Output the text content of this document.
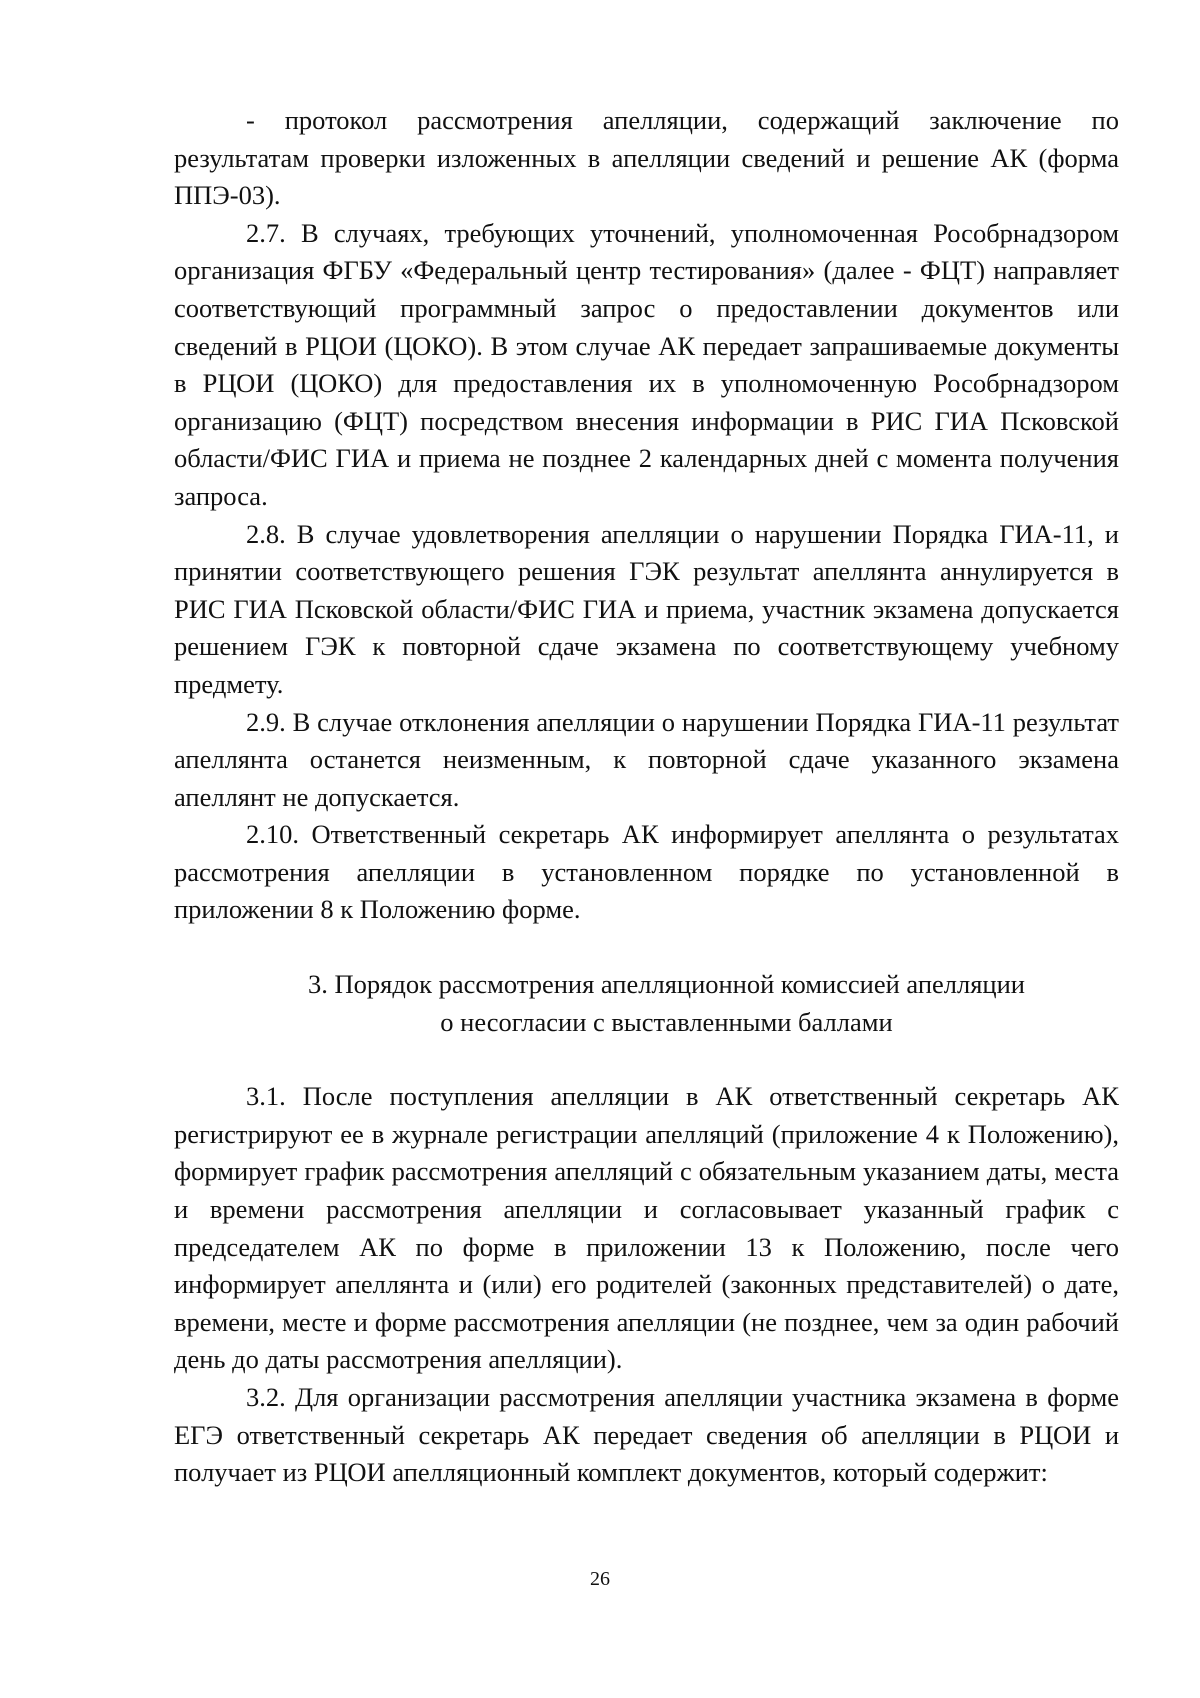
- протокол рассмотрения апелляции, содержащий заключение по результатам проверки изложенных в апелляции сведений и решение АК (форма ППЭ-03).

2.7. В случаях, требующих уточнений, уполномоченная Рособрнадзором организация ФГБУ «Федеральный центр тестирования» (далее - ФЦТ) направляет соответствующий программный запрос о предоставлении документов или сведений в РЦОИ (ЦОКО). В этом случае АК передает запрашиваемые документы в РЦОИ (ЦОКО) для предоставления их в уполномоченную Рособрнадзором организацию (ФЦТ) посредством внесения информации в РИС ГИА Псковской области/ФИС ГИА и приема не позднее 2 календарных дней с момента получения запроса.

2.8. В случае удовлетворения апелляции о нарушении Порядка ГИА-11, и принятии соответствующего решения ГЭК результат апеллянта аннулируется в РИС ГИА Псковской области/ФИС ГИА и приема, участник экзамена допускается решением ГЭК к повторной сдаче экзамена по соответствующему учебному предмету.

2.9. В случае отклонения апелляции о нарушении Порядка ГИА-11 результат апеллянта останется неизменным, к повторной сдаче указанного экзамена апеллянт не допускается.

2.10. Ответственный секретарь АК информирует апеллянта о результатах рассмотрения апелляции в установленном порядке по установленной в приложении 8 к Положению форме.

3. Порядок рассмотрения апелляционной комиссией апелляции
о несогласии с выставленными баллами

3.1. После поступления апелляции в АК ответственный секретарь АК регистрируют ее в журнале регистрации апелляций (приложение 4 к Положению), формирует график рассмотрения апелляций с обязательным указанием даты, места и времени рассмотрения апелляции и согласовывает указанный график с председателем АК по форме в приложении 13 к Положению, после чего информирует апеллянта и (или) его родителей (законных представителей) о дате, времени, месте и форме рассмотрения апелляции (не позднее, чем за один рабочий день до даты рассмотрения апелляции).

3.2. Для организации рассмотрения апелляции участника экзамена в форме ЕГЭ ответственный секретарь АК передает сведения об апелляции в РЦОИ и получает из РЦОИ апелляционный комплект документов, который содержит:

26
